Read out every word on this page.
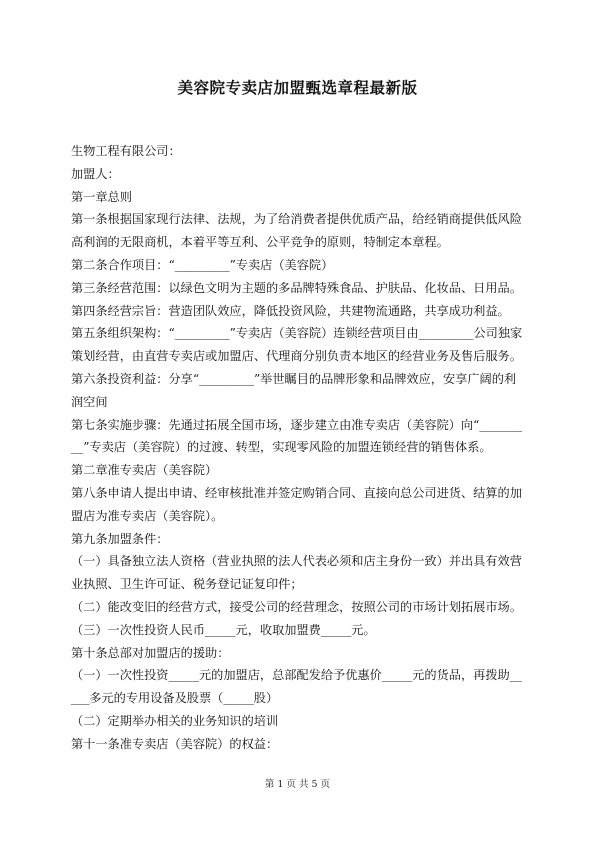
美容院专卖店加盟甄选章程最新版

生物工程有限公司：

加盟人：

第一章总则

第一条根据国家现行法律、法规，为了给消费者提供优质产品，给经销商提供低风险高利润的无限商机，本着平等互利、公平竞争的原则，特制定本章程。

第二条合作项目：“_________”专卖店（美容院）

第三条经营范围：以绿色文明为主题的多品牌特殊食品、护肤品、化妆品、日用品。

第四条经营宗旨：营造团队效应，降低投资风险，共建物流通路，共享成功利益。

第五条组织架构：“_________”专卖店（美容院）连锁经营项目由_________公司独家策划经营，由直营专卖店或加盟店、代理商分别负责本地区的经营业务及售后服务。

第六条投资利益：分享“_________”举世瞩目的品牌形象和品牌效应，安享广阔的利润空间

第七条实施步骤：先通过拓展全国市场，逐步建立由准专卖店（美容院）向“_________”专卖店（美容院）的过渡、转型，实现零风险的加盟连锁经营的销售体系。

第二章准专卖店（美容院）

第八条申请人提出申请、经审核批准并签定购销合同、直接向总公司进货、结算的加盟店为准专卖店（美容院）。

第九条加盟条件：

（一）具备独立法人资格（营业执照的法人代表必须和店主身份一致）并出具有效营业执照、卫生许可证、税务登记证复印件；

（二）能改变旧的经营方式，接受公司的经营理念，按照公司的市场计划拓展市场。

（三）一次性投资人民币_____元，收取加盟费_____元。

第十条总部对加盟店的援助：

（一）一次性投资_____元的加盟店，总部配发给予优惠价_____元的货品，再拨助_____多元的专用设备及股票（_____股）

（二）定期举办相关的业务知识的培训

第十一条准专卖店（美容院）的权益：

第 1 页 共 5 页
